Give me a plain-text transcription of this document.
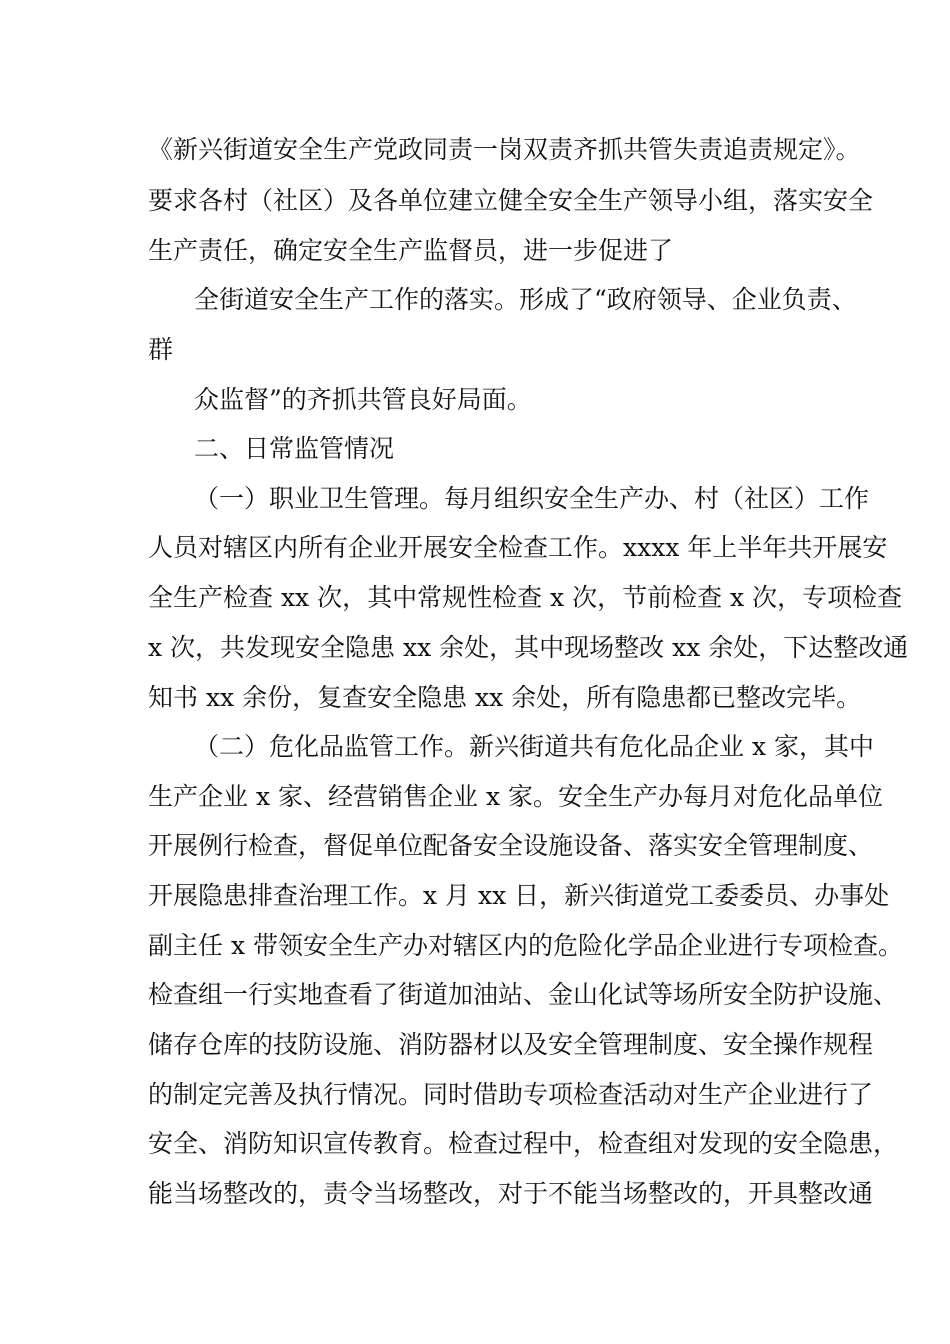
《新兴街道安全生产党政同责一岗双责齐抓共管失责追责规定》。
要求各村（社区）及各单位建立健全安全生产领导小组，落实安全
生产责任，确定安全生产监督员，进一步促进了
全街道安全生产工作的落实。形成了“政府领导、企业负责、
群
众监督”的齐抓共管良好局面。
二、日常监管情况
（一）职业卫生管理。每月组织安全生产办、村（社区）工作
人员对辖区内所有企业开展安全检查工作。xxxx 年上半年共开展安
全生产检查 xx 次，其中常规性检查 x 次，节前检查 x 次，专项检查
x 次，共发现安全隐患 xx 余处，其中现场整改 xx 余处，下达整改通
知书 xx 余份，复查安全隐患 xx 余处，所有隐患都已整改完毕。
（二）危化品监管工作。新兴街道共有危化品企业 x 家，其中
生产企业 x 家、经营销售企业 x 家。安全生产办每月对危化品单位
开展例行检查，督促单位配备安全设施设备、落实安全管理制度、
开展隐患排查治理工作。x 月 xx 日，新兴街道党工委委员、办事处
副主任 x 带领安全生产办对辖区内的危险化学品企业进行专项检查。
检查组一行实地查看了街道加油站、金山化试等场所安全防护设施、
储存仓库的技防设施、消防器材以及安全管理制度、安全操作规程
的制定完善及执行情况。同时借助专项检查活动对生产企业进行了
安全、消防知识宣传教育。检查过程中，检查组对发现的安全隐患，
能当场整改的，责令当场整改，对于不能当场整改的，开具整改通
